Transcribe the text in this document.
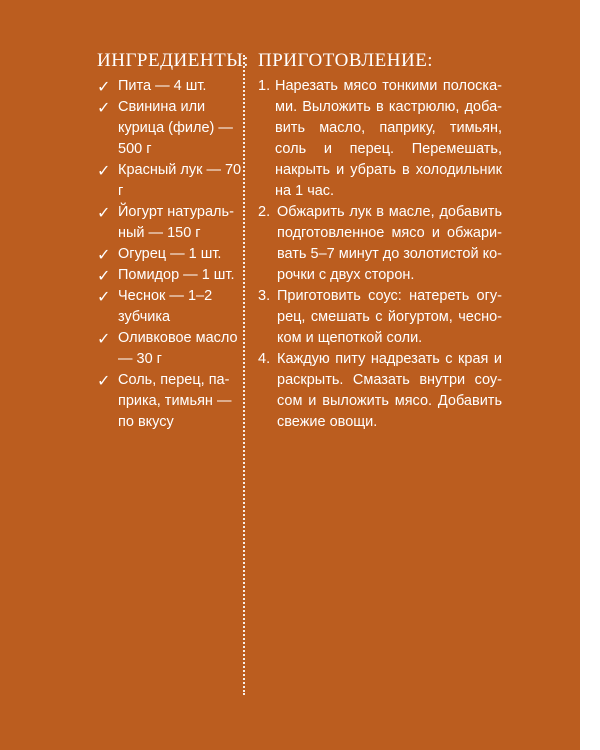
ИНГРЕДИЕНТЫ:
✓ Пита — 4 шт.
✓ Свинина или курица (филе) — 500 г
✓ Красный лук — 70 г
✓ Йогурт натуральный — 150 г
✓ Огурец — 1 шт.
✓ Помидор — 1 шт.
✓ Чеснок — 1–2 зубчика
✓ Оливковое масло — 30 г
✓ Соль, перец, паприка, тимьян — по вкусу
ПРИГОТОВЛЕНИЕ:
1. Нарезать мясо тонкими полосками. Выложить в кастрюлю, добавить масло, паприку, тимьян, соль и перец. Перемешать, накрыть и убрать в холодильник на 1 час.
2. Обжарить лук в масле, добавить подготовленное мясо и обжаривать 5–7 минут до золотистой корочки с двух сторон.
3. Приготовить соус: натереть огурец, смешать с йогуртом, чесноком и щепоткой соли.
4. Каждую питу надрезать с края и раскрыть. Смазать внутри соусом и выложить мясо. Добавить свежие овощи.
